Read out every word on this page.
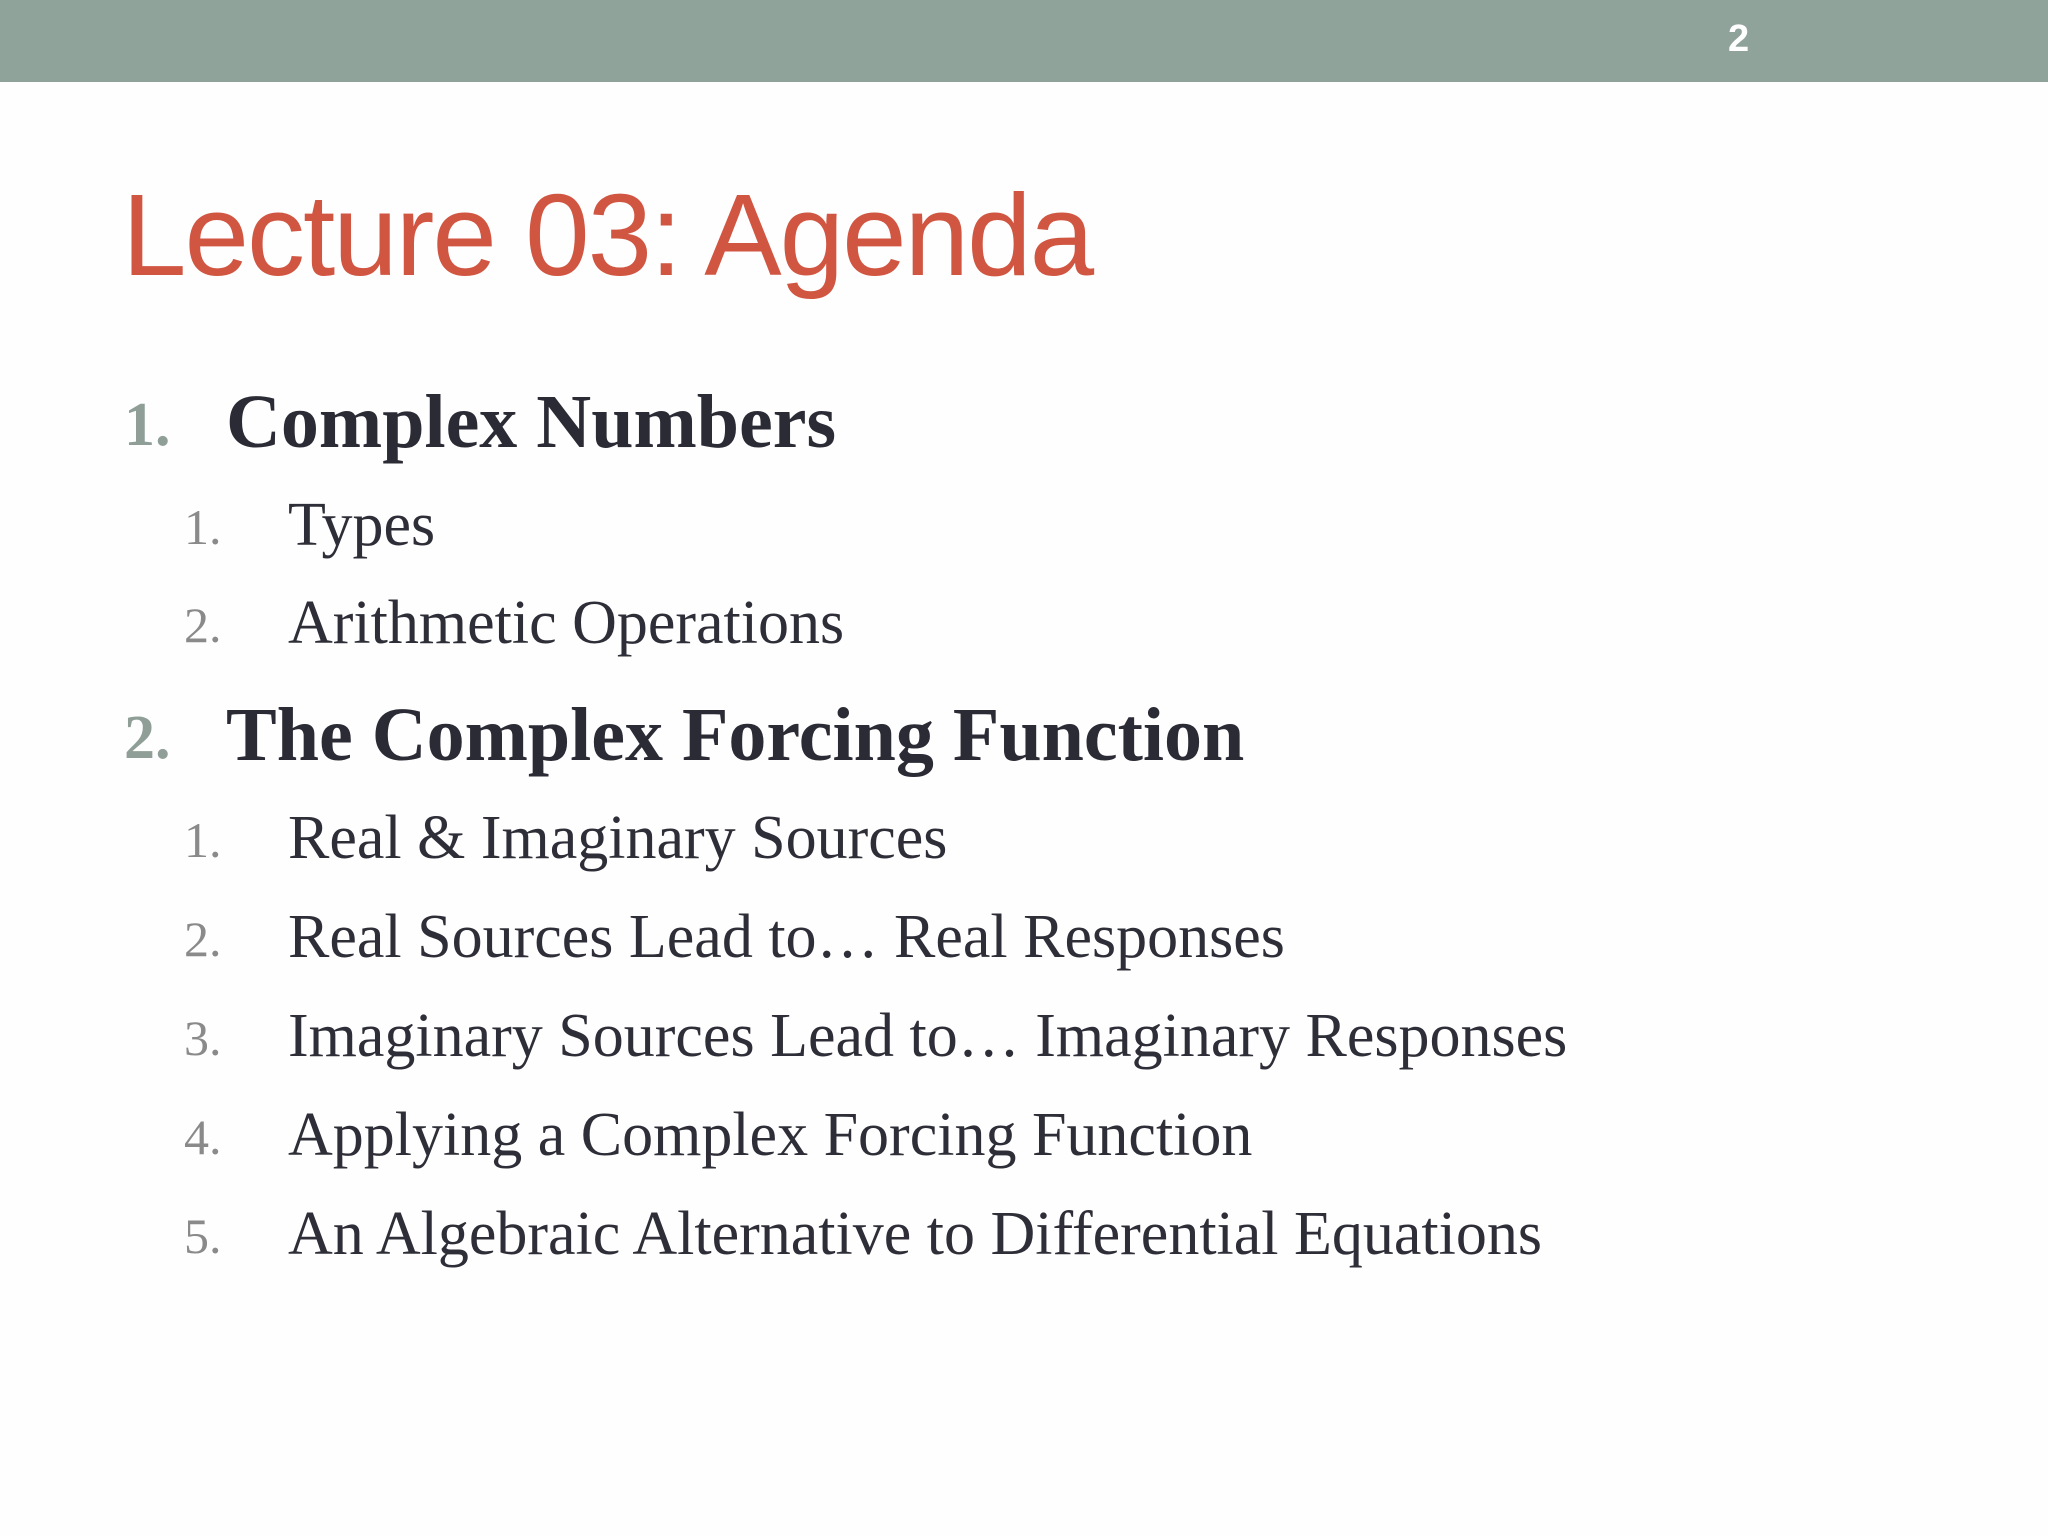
2
Lecture 03: Agenda
1. Complex Numbers
1. Types
2. Arithmetic Operations
2. The Complex Forcing Function
1. Real & Imaginary Sources
2. Real Sources Lead to… Real Responses
3. Imaginary Sources Lead to… Imaginary Responses
4. Applying a Complex Forcing Function
5. An Algebraic Alternative to Differential Equations
